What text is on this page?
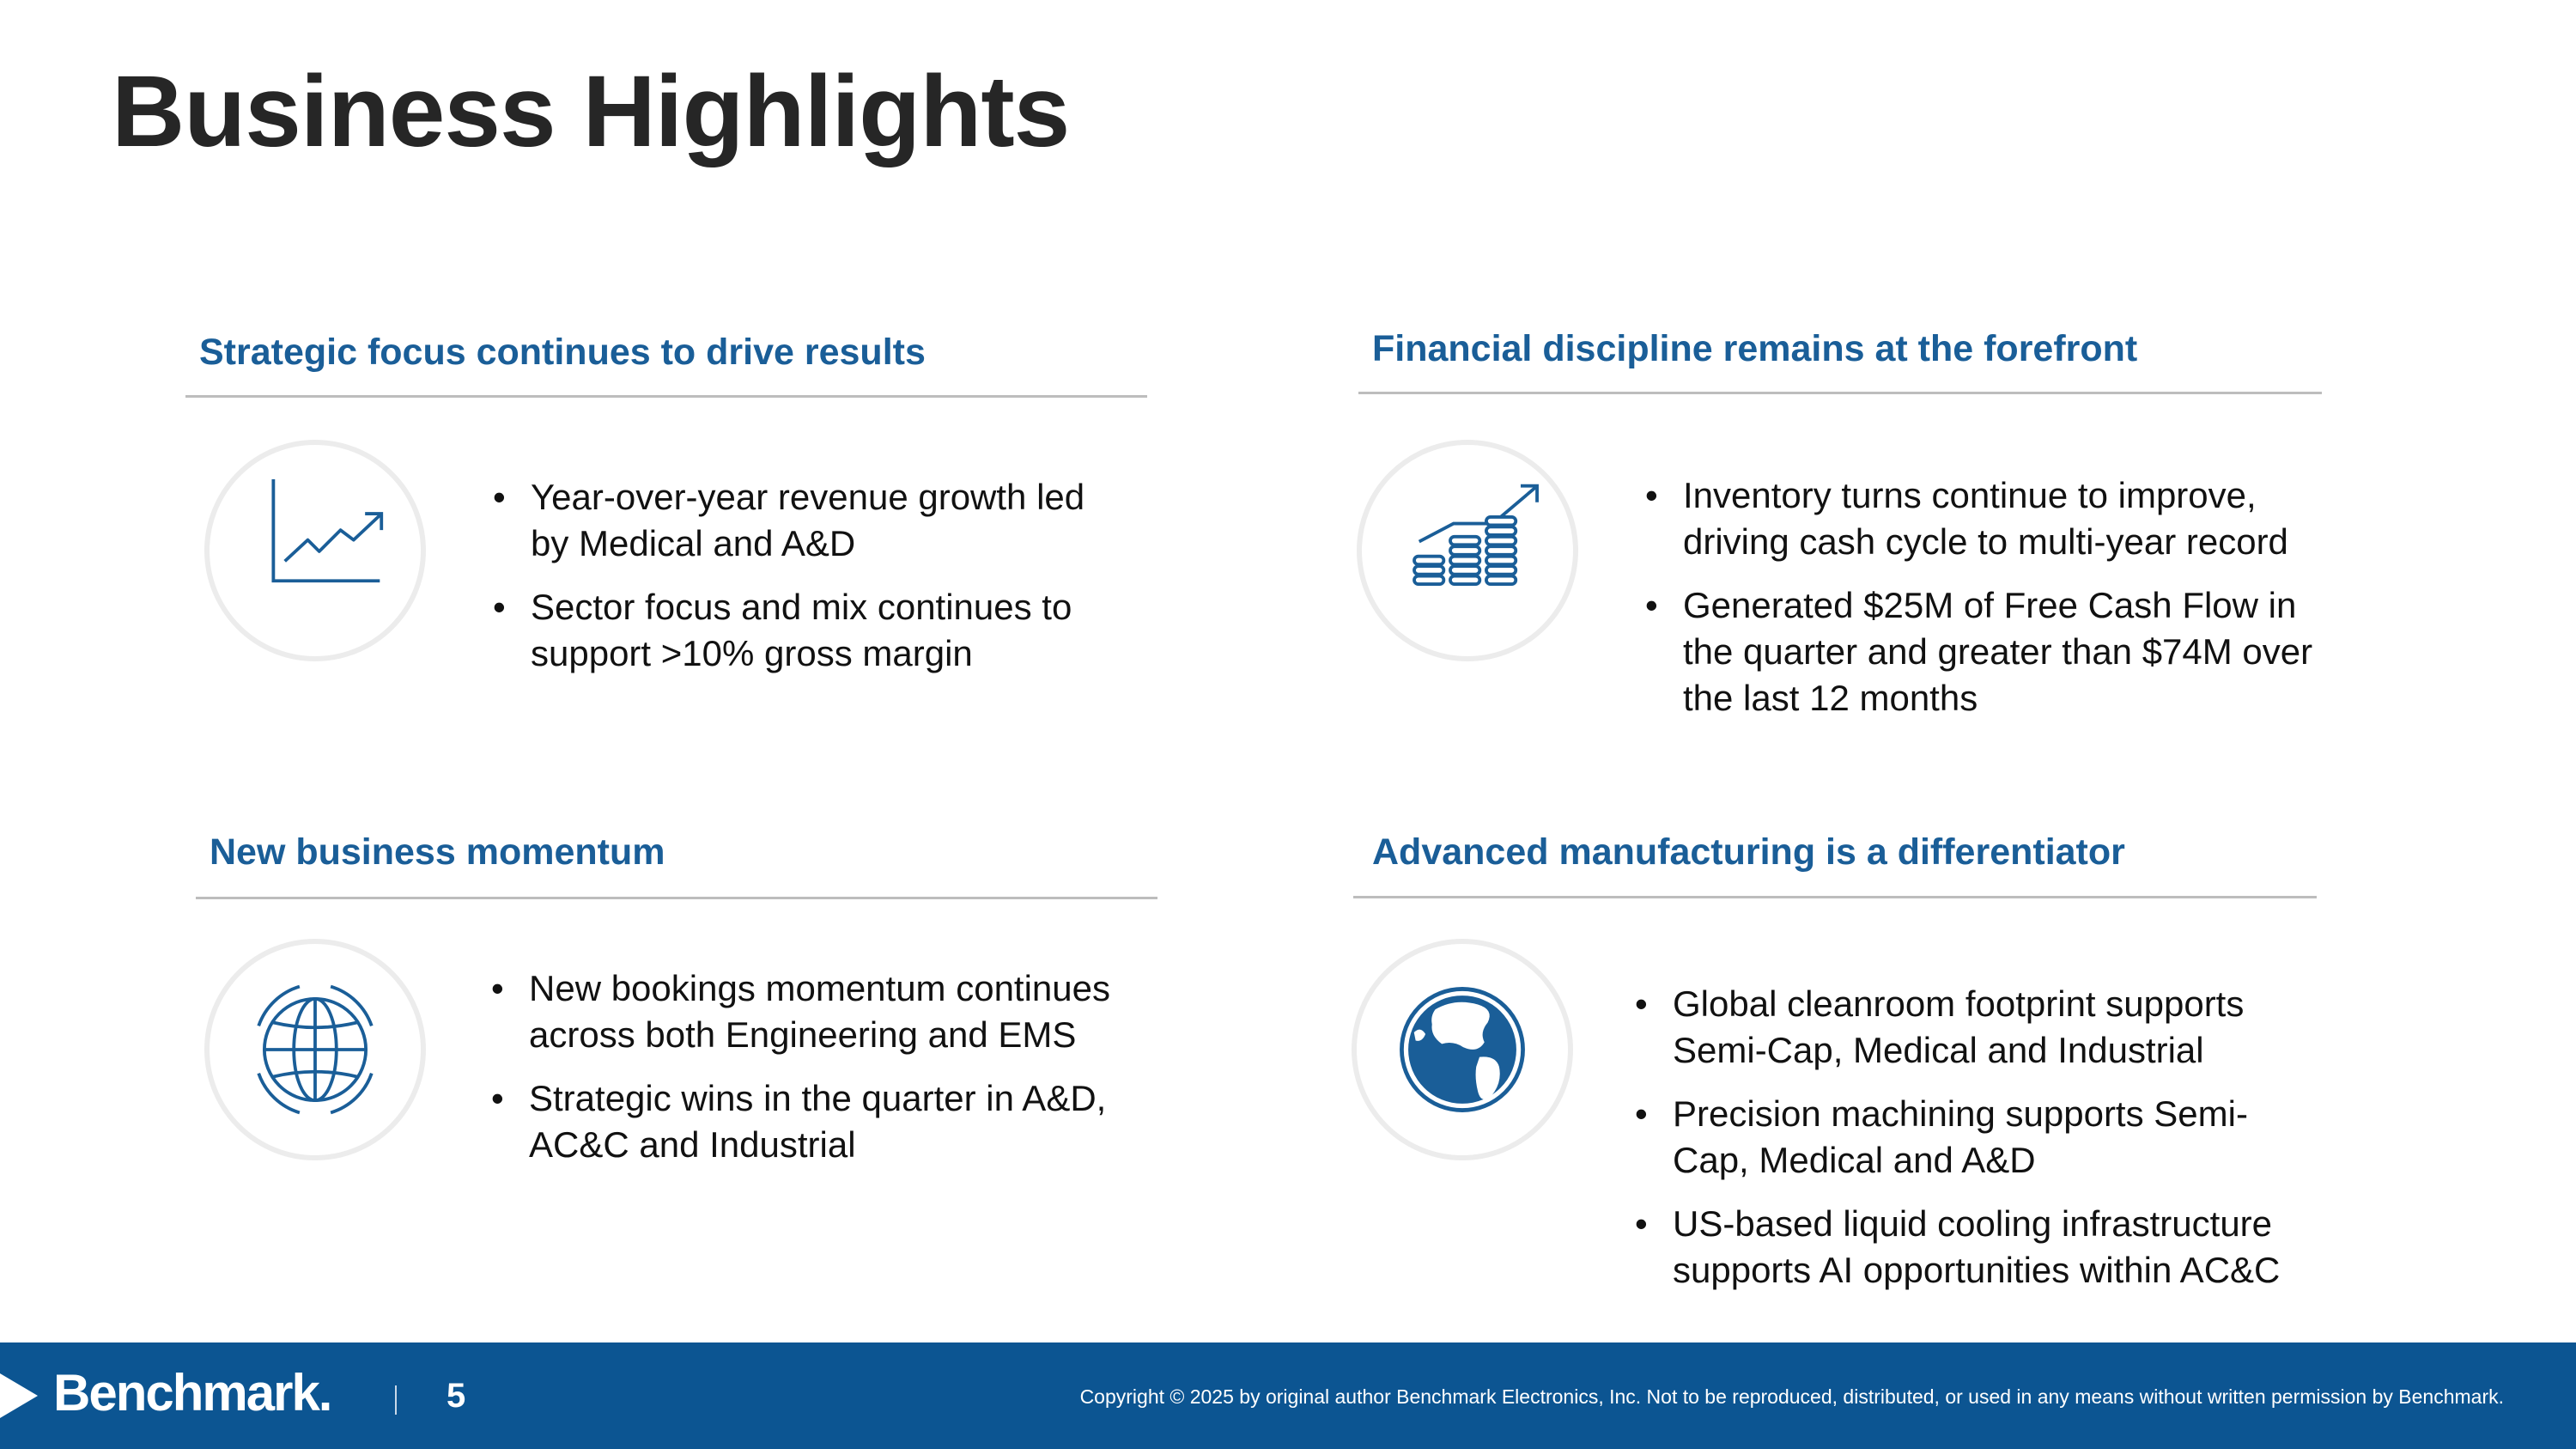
Business Highlights
Strategic focus continues to drive results
• Year-over-year revenue growth led by Medical and A&D
• Sector focus and mix continues to support >10% gross margin
Financial discipline remains at the forefront
• Inventory turns continue to improve, driving cash cycle to multi-year record
• Generated $25M of Free Cash Flow in the quarter and greater than $74M over the last 12 months
New business momentum
• New bookings momentum continues across both Engineering and EMS
• Strategic wins in the quarter in A&D, AC&C and Industrial
Advanced manufacturing is a differentiator
• Global cleanroom footprint supports Semi-Cap, Medical and Industrial
• Precision machining supports Semi-Cap, Medical and A&D
• US-based liquid cooling infrastructure supports AI opportunities within AC&C
Benchmark.	5	Copyright © 2025 by original author Benchmark Electronics, Inc. Not to be reproduced, distributed, or used in any means without written permission by Benchmark.
